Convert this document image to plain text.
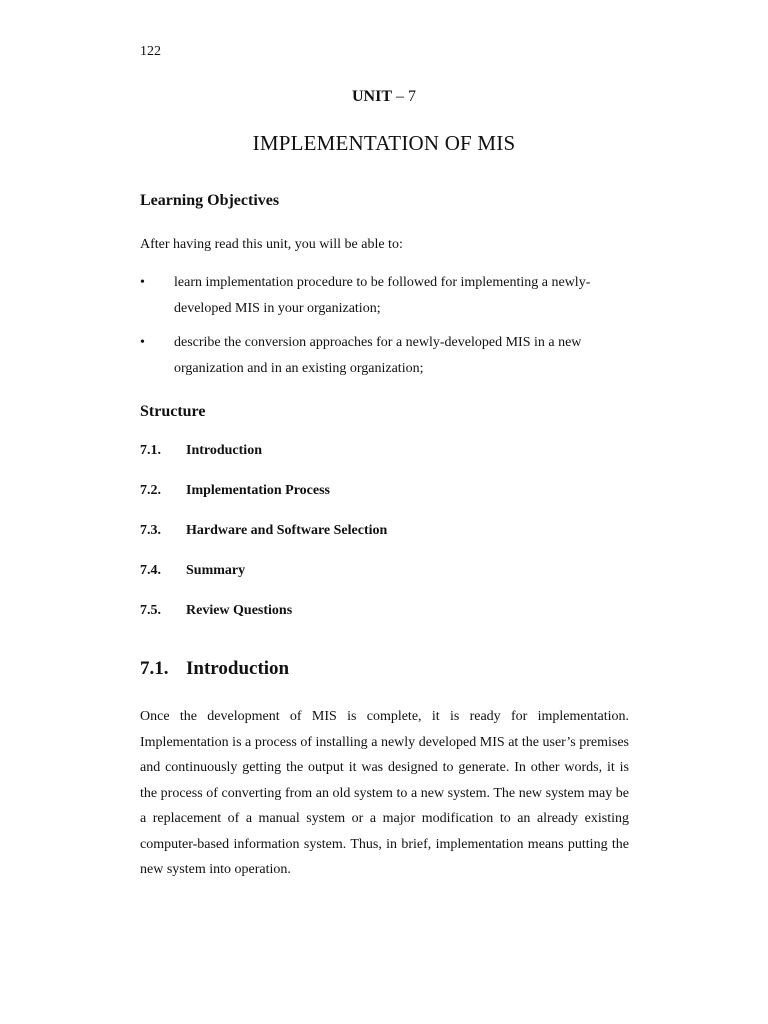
122
UNIT – 7
IMPLEMENTATION OF MIS
Learning Objectives
After having read this unit, you will be able to:
• learn implementation procedure to be followed for implementing a newly-developed MIS in your organization;
• describe the conversion approaches for a newly-developed MIS in a new organization and in an existing organization;
Structure
7.1.	Introduction
7.2.	Implementation Process
7.3.	Hardware and Software Selection
7.4.	Summary
7.5.	Review Questions
7.1. Introduction

Once the development of MIS is complete, it is ready for implementation. Implementation is a process of installing a newly developed MIS at the user’s premises and continuously getting the output it was designed to generate. In other words, it is the process of converting from an old system to a new system. The new system may be a replacement of a manual system or a major modification to an already existing computer-based information system. Thus, in brief, implementation means putting the new system into operation.
